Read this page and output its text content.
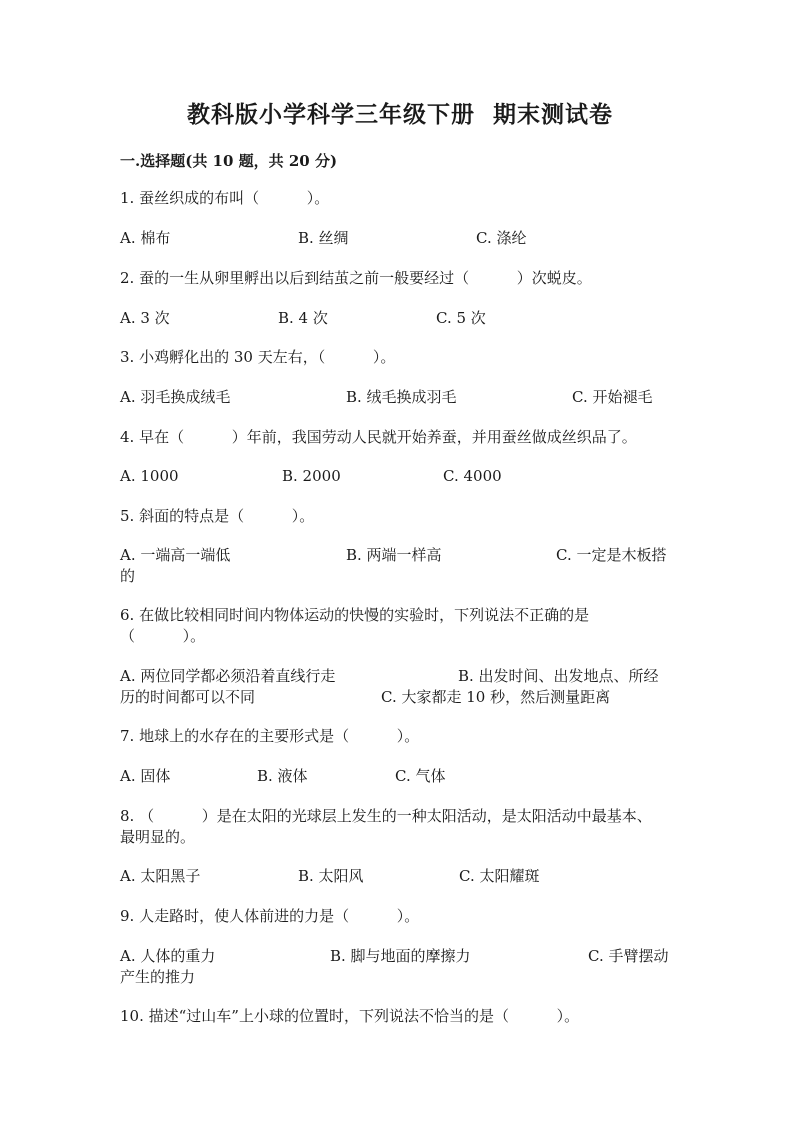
教科版小学科学三年级下册  期末测试卷
一.选择题(共 10 题，共 20 分)
1. 蚕丝织成的布叫（          ）。
A. 棉布	B. 丝绸	C. 涤纶
2. 蚕的一生从卵里孵出以后到结茧之前一般要经过（          ）次蜕皮。
A. 3 次	B. 4 次	C. 5 次
3. 小鸡孵化出的 30 天左右，（          ）。
A. 羽毛换成绒毛	B. 绒毛换成羽毛	C. 开始褪毛
4. 早在（          ）年前，我国劳动人民就开始养蚕，并用蚕丝做成丝织品了。
A. 1000	B. 2000	C. 4000
5. 斜面的特点是（          ）。
A. 一端高一端低	B. 两端一样高	C. 一定是木板搭
的
6. 在做比较相同时间内物体运动的快慢的实验时，下列说法不正确的是
（          ）。
A. 两位同学都必须沿着直线行走	B. 出发时间、出发地点、所经
历的时间都可以不同	C. 大家都走 10 秒，然后测量距离
7. 地球上的水存在的主要形式是（          ）。
A. 固体	B. 液体	C. 气体
8. （          ）是在太阳的光球层上发生的一种太阳活动，是太阳活动中最基本、
最明显的。
A. 太阳黑子	B. 太阳风	C. 太阳耀斑
9. 人走路时，使人体前进的力是（          ）。
A. 人体的重力	B. 脚与地面的摩擦力	C. 手臂摆动
产生的推力
10. 描述“过山车”上小球的位置时，下列说法不恰当的是（          ）。
